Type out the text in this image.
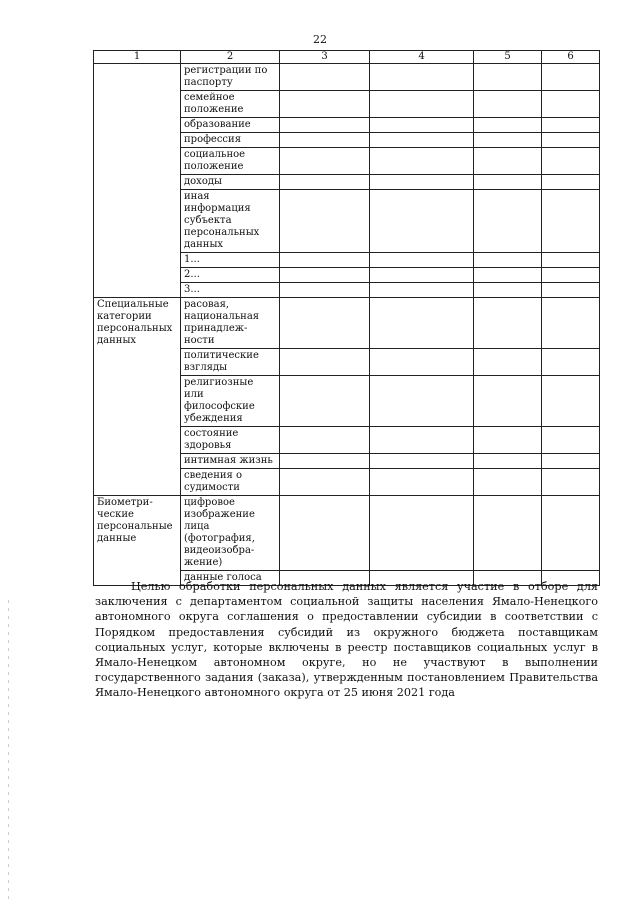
22
1	2	3	4	5	6
	регистрации по паспорту				
	семейное положение				
	образование				
	профессия				
	социальное положение				
	доходы				
	иная информация субъекта персональных данных				
	1...				
	2...				
	3...				
Специальные категории персональных данных	расовая, национальная принадлеж-ности				
	политические взгляды				
	религиозные или философские убеждения				
	состояние здоровья				
	интимная жизнь				
	сведения о судимости				
Биометри-ческие персональные данные	цифровое изображение лица (фотография, видеоизобра-жение)				
	данные голоса				

Целью обработки персональных данных является участие в отборе для заключения с департаментом социальной защиты населения Ямало-Ненецкого автономного округа соглашения о предоставлении субсидии в соответствии с Порядком предоставления субсидий из окружного бюджета поставщикам социальных услуг, которые включены в реестр поставщиков социальных услуг в Ямало-Ненецком автономном округе, но не участвуют в выполнении государственного задания (заказа), утвержденным постановлением Правительства Ямало-Ненецкого автономного округа от 25 июня 2021 года
